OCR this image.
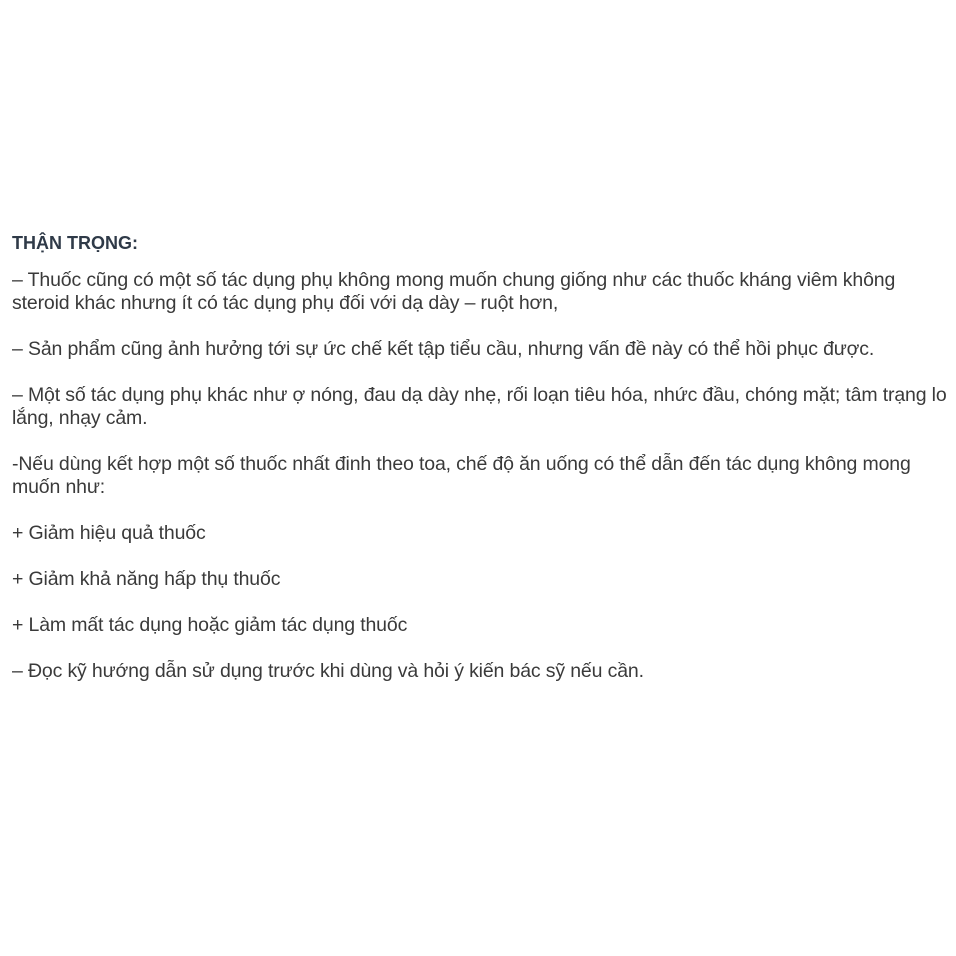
THẬN TRỌNG:

– Thuốc cũng có một số tác dụng phụ không mong muốn chung giống như các thuốc kháng viêm không steroid khác nhưng ít có tác dụng phụ đối với dạ dày – ruột hơn,

– Sản phẩm cũng ảnh hưởng tới sự ức chế kết tập tiểu cầu, nhưng vấn đề này có thể hồi phục được.

– Một số tác dụng phụ khác như ợ nóng, đau dạ dày nhẹ, rối loạn tiêu hóa, nhức đầu, chóng mặt; tâm trạng lo lắng, nhạy cảm.

-Nếu dùng kết hợp một số thuốc nhất đinh theo toa, chế độ ăn uống có thể dẫn đến tác dụng không mong muốn như:

+ Giảm hiệu quả thuốc

+ Giảm khả năng hấp thụ thuốc

+ Làm mất tác dụng hoặc giảm tác dụng thuốc

– Đọc kỹ hướng dẫn sử dụng trước khi dùng và hỏi ý kiến bác sỹ nếu cần.
